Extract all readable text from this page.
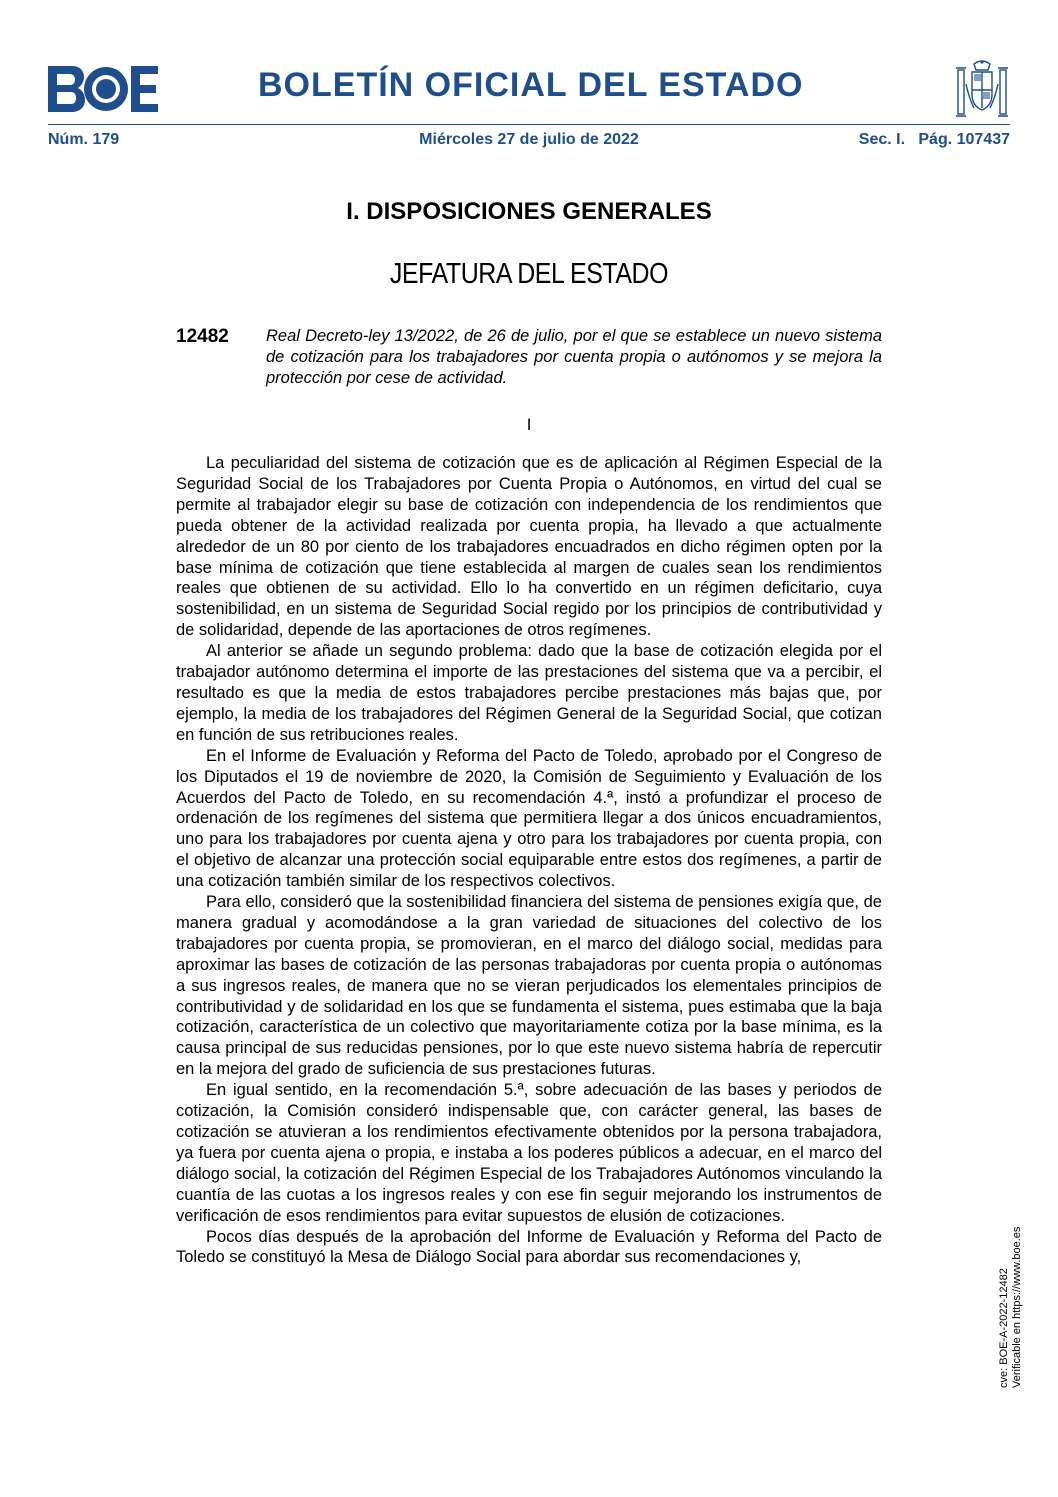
BOLETÍN OFICIAL DEL ESTADO
Núm. 179	Miércoles 27 de julio de 2022	Sec. I.   Pág. 107437
I. DISPOSICIONES GENERALES
JEFATURA DEL ESTADO
12482 Real Decreto-ley 13/2022, de 26 de julio, por el que se establece un nuevo sistema de cotización para los trabajadores por cuenta propia o autónomos y se mejora la protección por cese de actividad.
I

La peculiaridad del sistema de cotización que es de aplicación al Régimen Especial de la Seguridad Social de los Trabajadores por Cuenta Propia o Autónomos, en virtud del cual se permite al trabajador elegir su base de cotización con independencia de los rendimientos que pueda obtener de la actividad realizada por cuenta propia, ha llevado a que actualmente alrededor de un 80 por ciento de los trabajadores encuadrados en dicho régimen opten por la base mínima de cotización que tiene establecida al margen de cuales sean los rendimientos reales que obtienen de su actividad. Ello lo ha convertido en un régimen deficitario, cuya sostenibilidad, en un sistema de Seguridad Social regido por los principios de contributividad y de solidaridad, depende de las aportaciones de otros regímenes.

Al anterior se añade un segundo problema: dado que la base de cotización elegida por el trabajador autónomo determina el importe de las prestaciones del sistema que va a percibir, el resultado es que la media de estos trabajadores percibe prestaciones más bajas que, por ejemplo, la media de los trabajadores del Régimen General de la Seguridad Social, que cotizan en función de sus retribuciones reales.

En el Informe de Evaluación y Reforma del Pacto de Toledo, aprobado por el Congreso de los Diputados el 19 de noviembre de 2020, la Comisión de Seguimiento y Evaluación de los Acuerdos del Pacto de Toledo, en su recomendación 4.ª, instó a profundizar el proceso de ordenación de los regímenes del sistema que permitiera llegar a dos únicos encuadramientos, uno para los trabajadores por cuenta ajena y otro para los trabajadores por cuenta propia, con el objetivo de alcanzar una protección social equiparable entre estos dos regímenes, a partir de una cotización también similar de los respectivos colectivos.

Para ello, consideró que la sostenibilidad financiera del sistema de pensiones exigía que, de manera gradual y acomodándose a la gran variedad de situaciones del colectivo de los trabajadores por cuenta propia, se promovieran, en el marco del diálogo social, medidas para aproximar las bases de cotización de las personas trabajadoras por cuenta propia o autónomas a sus ingresos reales, de manera que no se vieran perjudicados los elementales principios de contributividad y de solidaridad en los que se fundamenta el sistema, pues estimaba que la baja cotización, característica de un colectivo que mayoritariamente cotiza por la base mínima, es la causa principal de sus reducidas pensiones, por lo que este nuevo sistema habría de repercutir en la mejora del grado de suficiencia de sus prestaciones futuras.

En igual sentido, en la recomendación 5.ª, sobre adecuación de las bases y periodos de cotización, la Comisión consideró indispensable que, con carácter general, las bases de cotización se atuvieran a los rendimientos efectivamente obtenidos por la persona trabajadora, ya fuera por cuenta ajena o propia, e instaba a los poderes públicos a adecuar, en el marco del diálogo social, la cotización del Régimen Especial de los Trabajadores Autónomos vinculando la cuantía de las cuotas a los ingresos reales y con ese fin seguir mejorando los instrumentos de verificación de esos rendimientos para evitar supuestos de elusión de cotizaciones.

Pocos días después de la aprobación del Informe de Evaluación y Reforma del Pacto de Toledo se constituyó la Mesa de Diálogo Social para abordar sus recomendaciones y,

cve: BOE-A-2022-12482 Verificable en https://www.boe.es
